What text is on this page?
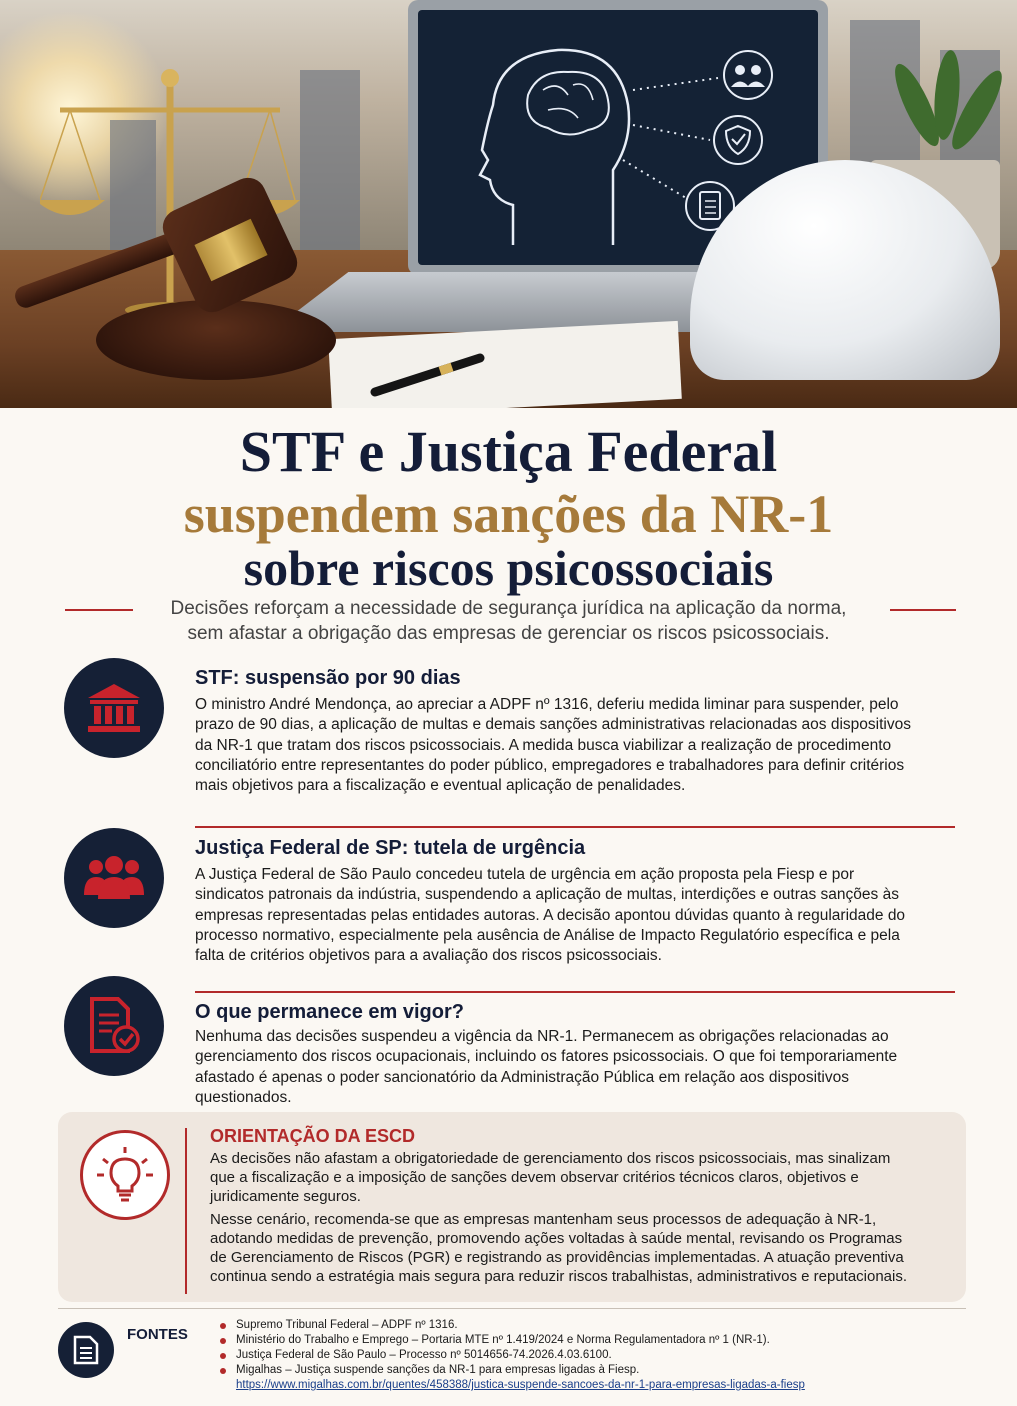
STF e Justiça Federal
suspendem sanções da NR-1
sobre riscos psicossociais
Decisões reforçam a necessidade de segurança jurídica na aplicação da norma,
sem afastar a obrigação das empresas de gerenciar os riscos psicossociais.
STF: suspensão por 90 dias
O ministro André Mendonça, ao apreciar a ADPF nº 1316, deferiu medida liminar para suspender, pelo prazo de 90 dias, a aplicação de multas e demais sanções administrativas relacionadas aos dispositivos da NR-1 que tratam dos riscos psicossociais. A medida busca viabilizar a realização de procedimento conciliatório entre representantes do poder público, empregadores e trabalhadores para definir critérios mais objetivos para a fiscalização e eventual aplicação de penalidades.
Justiça Federal de SP: tutela de urgência
A Justiça Federal de São Paulo concedeu tutela de urgência em ação proposta pela Fiesp e por sindicatos patronais da indústria, suspendendo a aplicação de multas, interdições e outras sanções às empresas representadas pelas entidades autoras. A decisão apontou dúvidas quanto à regularidade do processo normativo, especialmente pela ausência de Análise de Impacto Regulatório específica e pela falta de critérios objetivos para a avaliação dos riscos psicossociais.
O que permanece em vigor?
Nenhuma das decisões suspendeu a vigência da NR-1. Permanecem as obrigações relacionadas ao gerenciamento dos riscos ocupacionais, incluindo os fatores psicossociais. O que foi temporariamente afastado é apenas o poder sancionatório da Administração Pública em relação aos dispositivos questionados.
ORIENTAÇÃO DA ESCD
As decisões não afastam a obrigatoriedade de gerenciamento dos riscos psicossociais, mas sinalizam que a fiscalização e a imposição de sanções devem observar critérios técnicos claros, objetivos e juridicamente seguros.
Nesse cenário, recomenda-se que as empresas mantenham seus processos de adequação à NR-1, adotando medidas de prevenção, promovendo ações voltadas à saúde mental, revisando os Programas de Gerenciamento de Riscos (PGR) e registrando as providências implementadas. A atuação preventiva continua sendo a estratégia mais segura para reduzir riscos trabalhistas, administrativos e reputacionais.
FONTES
Supremo Tribunal Federal – ADPF nº 1316.
Ministério do Trabalho e Emprego – Portaria MTE nº 1.419/2024 e Norma Regulamentadora nº 1 (NR-1).
Justiça Federal de São Paulo – Processo nº 5014656-74.2026.4.03.6100.
Migalhas – Justiça suspende sanções da NR-1 para empresas ligadas à Fiesp.
https://www.migalhas.com.br/quentes/458388/justica-suspende-sancoes-da-nr-1-para-empresas-ligadas-a-fiesp
